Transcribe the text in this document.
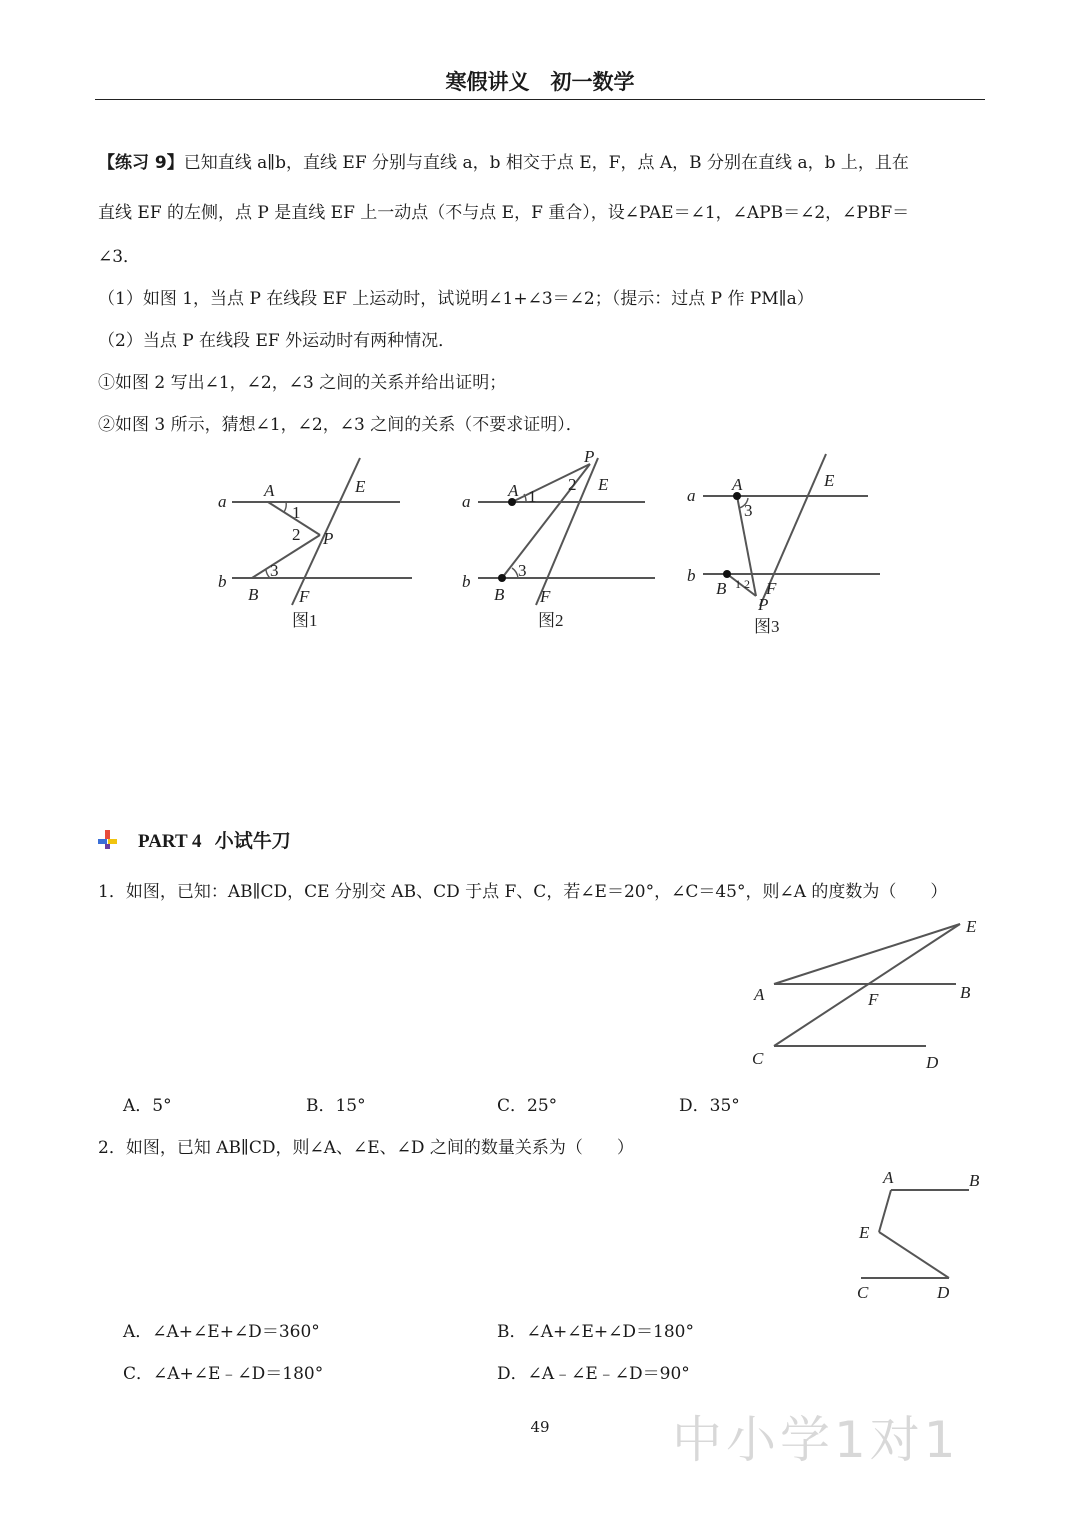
寒假讲义　初一数学
【练习 9】已知直线 a∥b，直线 EF 分别与直线 a，b 相交于点 E，F，点 A，B 分别在直线 a，b 上，且在
直线 EF 的左侧，点 P 是直线 EF 上一动点（不与点 E，F 重合），设∠PAE＝∠1，∠APB＝∠2，∠PBF＝
∠3．
（1）如图 1，当点 P 在线段 EF 上运动时，试说明∠1+∠3＝∠2；（提示：过点 P 作 PM∥a）
（2）当点 P 在线段 EF 外运动时有两种情况．
①如图 2 写出∠1，∠2，∠3 之间的关系并给出证明；
②如图 3 所示，猜想∠1，∠2，∠3 之间的关系（不要求证明）．
a
b
A
B
E
F
P
1
2
3
图1
a
b
A
B
E
F
P
1
2
3
图2
a
b
A
B
E
F
P
3
1 2
图3
PART 4 小试牛刀
1．如图，已知：AB∥CD，CE 分别交 AB、CD 于点 F、C，若∠E＝20°，∠C＝45°，则∠A 的度数为（　　）
E
A	F	B
C	D
A．5°	B．15°	C．25°	D．35°
2．如图，已知 AB∥CD，则∠A、∠E、∠D 之间的数量关系为（　　）
A	B
E
C	D
A．∠A+∠E+∠D＝360°	B．∠A+∠E+∠D＝180°
C．∠A+∠E﹣∠D＝180°	D．∠A﹣∠E﹣∠D＝90°
49	中小学1对1
